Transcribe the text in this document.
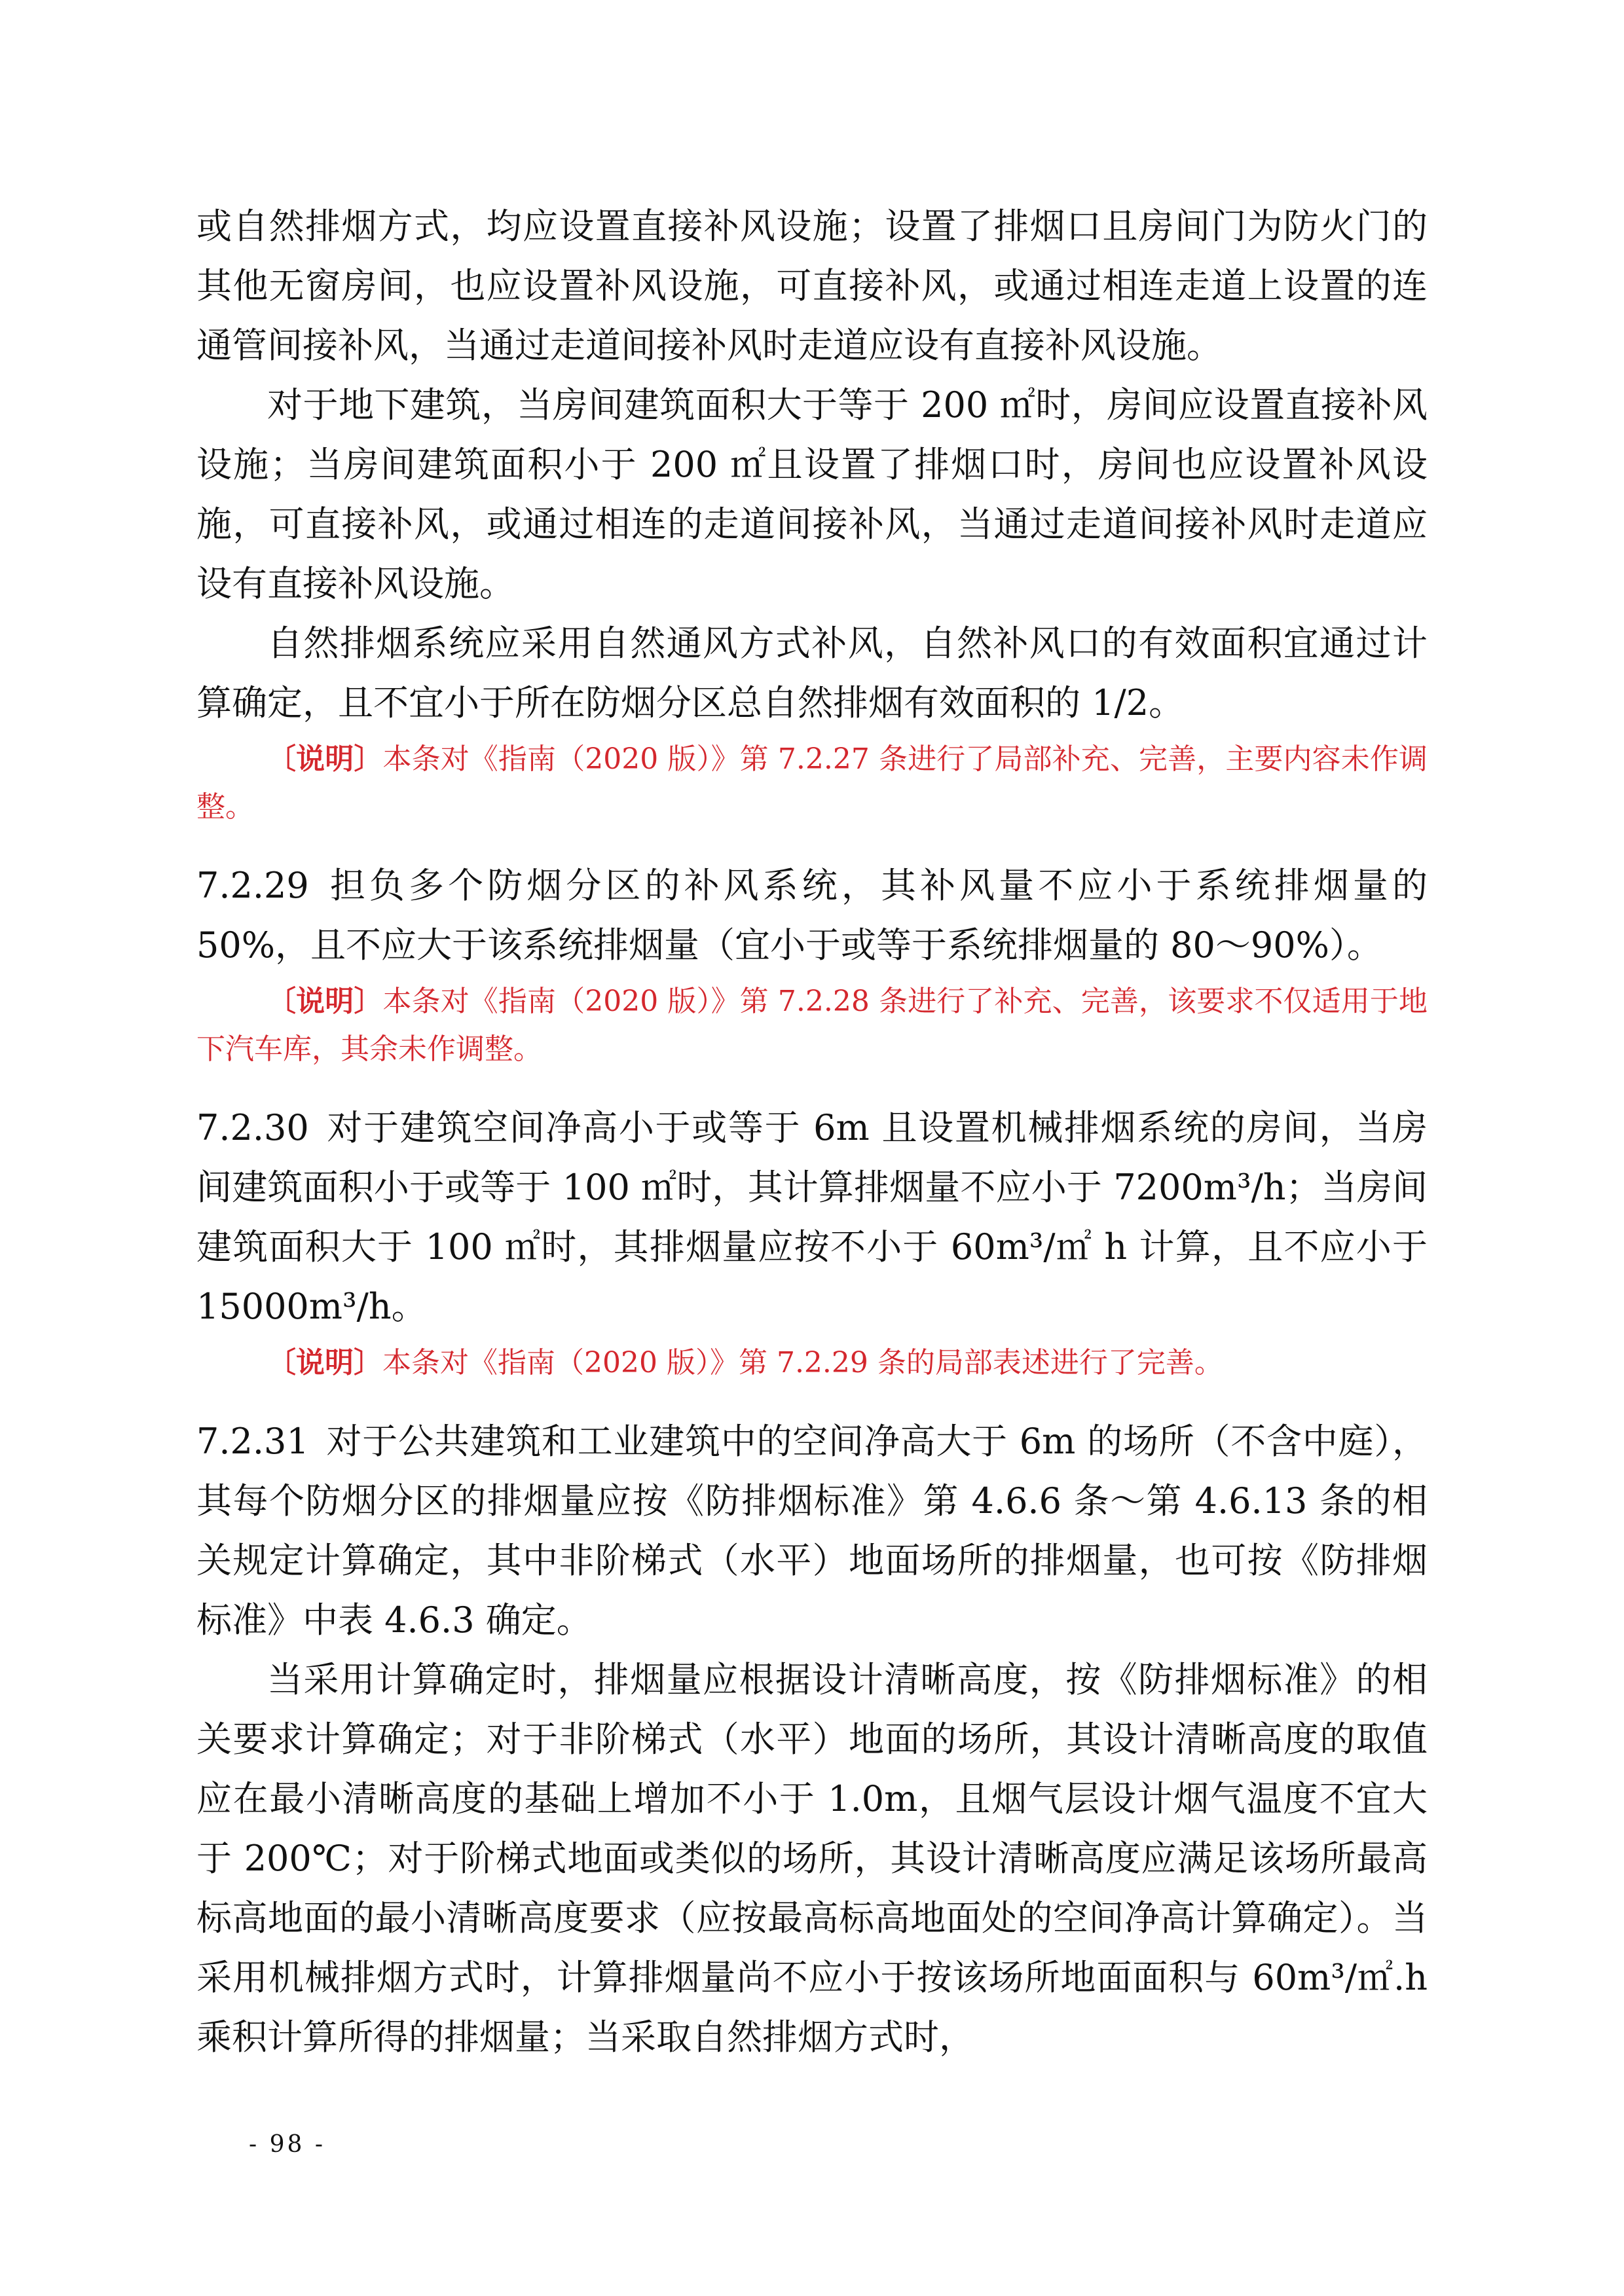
或自然排烟方式，均应设置直接补风设施；设置了排烟口且房间门为防火门的其他无窗房间，也应设置补风设施，可直接补风，或通过相连走道上设置的连通管间接补风，当通过走道间接补风时走道应设有直接补风设施。

对于地下建筑，当房间建筑面积大于等于 200 ㎡时，房间应设置直接补风设施；当房间建筑面积小于 200 ㎡且设置了排烟口时，房间也应设置补风设施，可直接补风，或通过相连的走道间接补风，当通过走道间接补风时走道应设有直接补风设施。

自然排烟系统应采用自然通风方式补风，自然补风口的有效面积宜通过计算确定，且不宜小于所在防烟分区总自然排烟有效面积的 1/2。

〔说明〕本条对《指南（2020 版）》第 7.2.27 条进行了局部补充、完善，主要内容未作调整。

7.2.29 担负多个防烟分区的补风系统，其补风量不应小于系统排烟量的 50%，且不应大于该系统排烟量（宜小于或等于系统排烟量的 80～90%）。

〔说明〕本条对《指南（2020 版）》第 7.2.28 条进行了补充、完善，该要求不仅适用于地下汽车库，其余未作调整。

7.2.30 对于建筑空间净高小于或等于 6m 且设置机械排烟系统的房间，当房间建筑面积小于或等于 100 ㎡时，其计算排烟量不应小于 7200m³/h；当房间建筑面积大于 100 ㎡时，其排烟量应按不小于 60m³/㎡ h 计算，且不应小于 15000m³/h。

〔说明〕本条对《指南（2020 版）》第 7.2.29 条的局部表述进行了完善。

7.2.31 对于公共建筑和工业建筑中的空间净高大于 6m 的场所（不含中庭），其每个防烟分区的排烟量应按《防排烟标准》第 4.6.6 条～第 4.6.13 条的相关规定计算确定，其中非阶梯式（水平）地面场所的排烟量，也可按《防排烟标准》中表 4.6.3 确定。

当采用计算确定时，排烟量应根据设计清晰高度，按《防排烟标准》的相关要求计算确定；对于非阶梯式（水平）地面的场所，其设计清晰高度的取值应在最小清晰高度的基础上增加不小于 1.0m，且烟气层设计烟气温度不宜大于 200℃；对于阶梯式地面或类似的场所，其设计清晰高度应满足该场所最高标高地面的最小清晰高度要求（应按最高标高地面处的空间净高计算确定）。当采用机械排烟方式时，计算排烟量尚不应小于按该场所地面面积与 60m³/㎡.h 乘积计算所得的排烟量；当采取自然排烟方式时，

- 98 -
